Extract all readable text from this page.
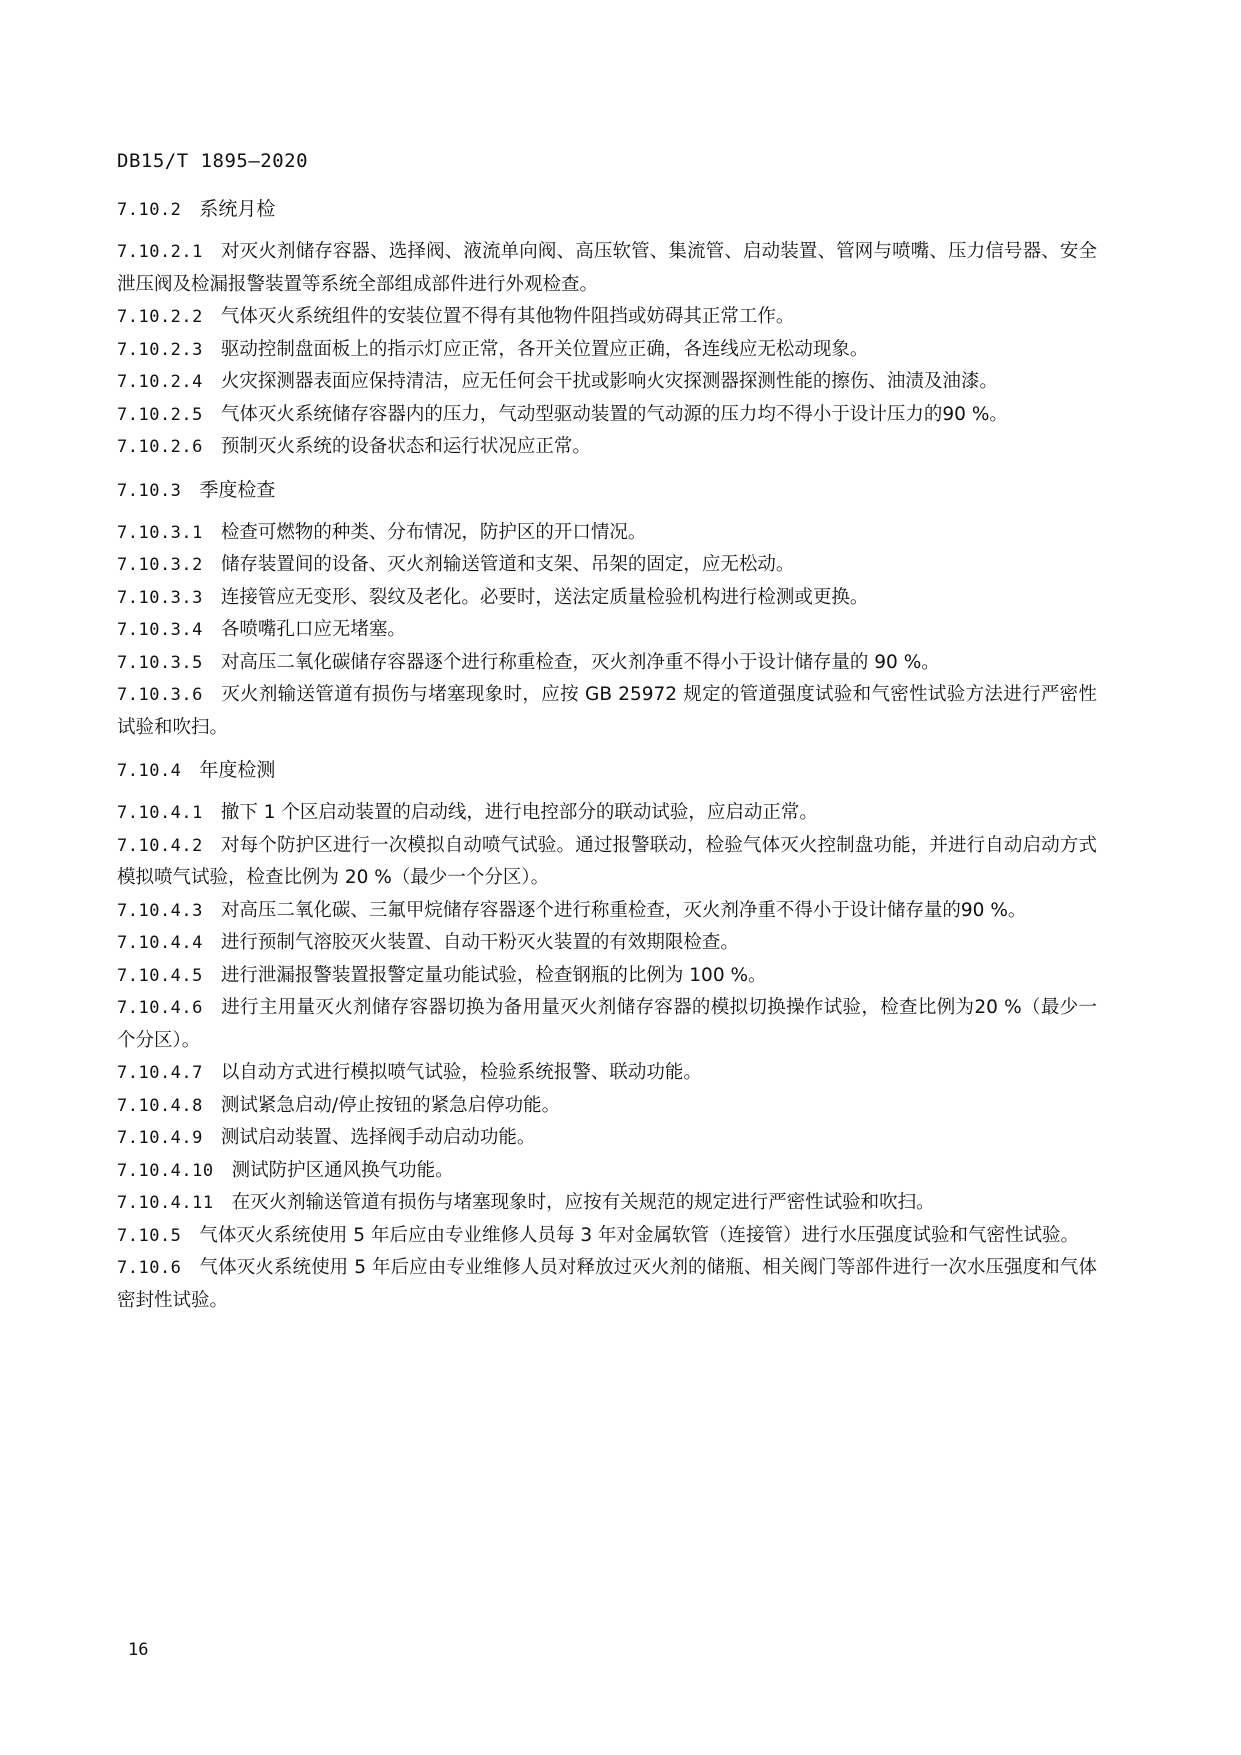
DB15/T 1895—2020
7.10.2 系统月检
7.10.2.1 对灭火剂储存容器、选择阀、液流单向阀、高压软管、集流管、启动装置、管网与喷嘴、压力信号器、安全泄压阀及检漏报警装置等系统全部组成部件进行外观检查。
7.10.2.2 气体灭火系统组件的安装位置不得有其他物件阻挡或妨碍其正常工作。
7.10.2.3 驱动控制盘面板上的指示灯应正常，各开关位置应正确，各连线应无松动现象。
7.10.2.4 火灾探测器表面应保持清洁，应无任何会干扰或影响火灾探测器探测性能的擦伤、油渍及油漆。
7.10.2.5 气体灭火系统储存容器内的压力，气动型驱动装置的气动源的压力均不得小于设计压力的90 %。
7.10.2.6 预制灭火系统的设备状态和运行状况应正常。
7.10.3 季度检查
7.10.3.1 检查可燃物的种类、分布情况，防护区的开口情况。
7.10.3.2 储存装置间的设备、灭火剂输送管道和支架、吊架的固定，应无松动。
7.10.3.3 连接管应无变形、裂纹及老化。必要时，送法定质量检验机构进行检测或更换。
7.10.3.4 各喷嘴孔口应无堵塞。
7.10.3.5 对高压二氧化碳储存容器逐个进行称重检查，灭火剂净重不得小于设计储存量的 90 %。
7.10.3.6 灭火剂输送管道有损伤与堵塞现象时，应按 GB 25972 规定的管道强度试验和气密性试验方法进行严密性试验和吹扫。
7.10.4 年度检测
7.10.4.1 撤下 1 个区启动装置的启动线，进行电控部分的联动试验，应启动正常。
7.10.4.2 对每个防护区进行一次模拟自动喷气试验。通过报警联动，检验气体灭火控制盘功能，并进行自动启动方式模拟喷气试验，检查比例为 20 %（最少一个分区）。
7.10.4.3 对高压二氧化碳、三氟甲烷储存容器逐个进行称重检查，灭火剂净重不得小于设计储存量的90 %。
7.10.4.4 进行预制气溶胶灭火装置、自动干粉灭火装置的有效期限检查。
7.10.4.5 进行泄漏报警装置报警定量功能试验，检查钢瓶的比例为 100 %。
7.10.4.6 进行主用量灭火剂储存容器切换为备用量灭火剂储存容器的模拟切换操作试验，检查比例为20 %（最少一个分区）。
7.10.4.7 以自动方式进行模拟喷气试验，检验系统报警、联动功能。
7.10.4.8 测试紧急启动/停止按钮的紧急启停功能。
7.10.4.9 测试启动装置、选择阀手动启动功能。
7.10.4.10 测试防护区通风换气功能。
7.10.4.11 在灭火剂输送管道有损伤与堵塞现象时，应按有关规范的规定进行严密性试验和吹扫。
7.10.5 气体灭火系统使用 5 年后应由专业维修人员每 3 年对金属软管（连接管）进行水压强度试验和气密性试验。
7.10.6 气体灭火系统使用 5 年后应由专业维修人员对释放过灭火剂的储瓶、相关阀门等部件进行一次水压强度和气体密封性试验。
16
